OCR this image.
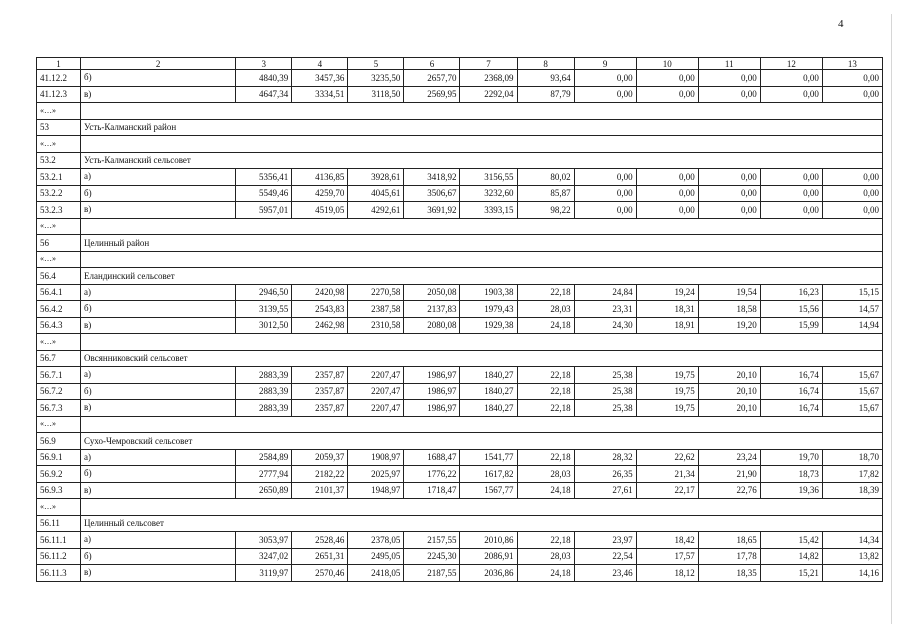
4
1	2	3	4	5	6	7	8	9	10	11	12	13
41.12.2	б)	4840,39	3457,36	3235,50	2657,70	2368,09	93,64	0,00	0,00	0,00	0,00	0,00
41.12.3	в)	4647,34	3334,51	3118,50	2569,95	2292,04	87,79	0,00	0,00	0,00	0,00	0,00
«…»												
53	Усть-Калманский район											
«…»												
53.2	Усть-Калманский сельсовет											
53.2.1	а)	5356,41	4136,85	3928,61	3418,92	3156,55	80,02	0,00	0,00	0,00	0,00	0,00
53.2.2	б)	5549,46	4259,70	4045,61	3506,67	3232,60	85,87	0,00	0,00	0,00	0,00	0,00
53.2.3	в)	5957,01	4519,05	4292,61	3691,92	3393,15	98,22	0,00	0,00	0,00	0,00	0,00
«…»												
56	Целинный район											
«…»												
56.4	Еландинский сельсовет											
56.4.1	а)	2946,50	2420,98	2270,58	2050,08	1903,38	22,18	24,84	19,24	19,54	16,23	15,15
56.4.2	б)	3139,55	2543,83	2387,58	2137,83	1979,43	28,03	23,31	18,31	18,58	15,56	14,57
56.4.3	в)	3012,50	2462,98	2310,58	2080,08	1929,38	24,18	24,30	18,91	19,20	15,99	14,94
«…»												
56.7	Овсянниковский сельсовет											
56.7.1	а)	2883,39	2357,87	2207,47	1986,97	1840,27	22,18	25,38	19,75	20,10	16,74	15,67
56.7.2	б)	2883,39	2357,87	2207,47	1986,97	1840,27	22,18	25,38	19,75	20,10	16,74	15,67
56.7.3	в)	2883,39	2357,87	2207,47	1986,97	1840,27	22,18	25,38	19,75	20,10	16,74	15,67
«…»												
56.9	Сухо-Чемровский сельсовет											
56.9.1	а)	2584,89	2059,37	1908,97	1688,47	1541,77	22,18	28,32	22,62	23,24	19,70	18,70
56.9.2	б)	2777,94	2182,22	2025,97	1776,22	1617,82	28,03	26,35	21,34	21,90	18,73	17,82
56.9.3	в)	2650,89	2101,37	1948,97	1718,47	1567,77	24,18	27,61	22,17	22,76	19,36	18,39
«…»												
56.11	Целинный сельсовет											
56.11.1	а)	3053,97	2528,46	2378,05	2157,55	2010,86	22,18	23,97	18,42	18,65	15,42	14,34
56.11.2	б)	3247,02	2651,31	2495,05	2245,30	2086,91	28,03	22,54	17,57	17,78	14,82	13,82
56.11.3	в)	3119,97	2570,46	2418,05	2187,55	2036,86	24,18	23,46	18,12	18,35	15,21	14,16
